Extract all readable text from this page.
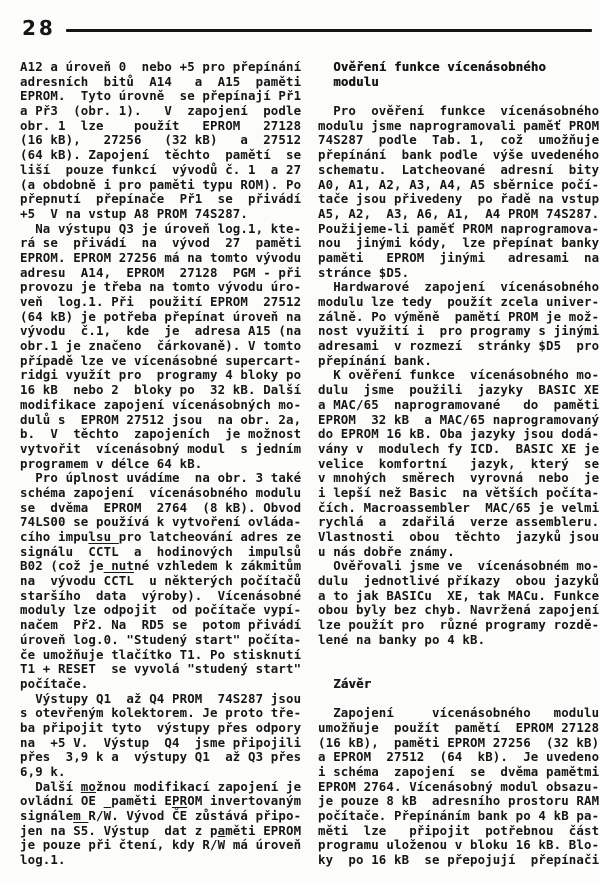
28
A12 a úroveň 0  nebo +5 pro přepínání
adresních  bitů  A14   a  A15  paměti
EPROM.  Tyto úrovně  se přepínají Př1
a Př3  (obr. 1).   V  zapojení  podle
obr. 1  lze    použít   EPROM   27128
(16 kB),   27256   (32 kB)   a  27512
(64 kB). Zapojení  těchto  pamětí  se
liší  pouze funkcí  vývodů č. 1  a 27
(a obdobně i pro paměti typu ROM). Po
přepnutí  přepínače  Př1  se  přivádí
+5  V na vstup A8 PROM 74S287.
Na výstupu Q3 je úroveň log.1, kte-
rá se  přivádí  na  vývod  27  paměti
EPROM. EPROM 27256 má na tomto vývodu
adresu  A14,  EPROM  27128  PGM - při
provozu je třeba na tomto vývodu úro-
veň  log.1. Při  použití EPROM  27512
(64 kB) je potřeba přepínat úroveň na
vývodu  č.1,  kde  je  adresa A15 (na
obr.1 je značeno  čárkovaně). V tomto
případě lze ve vícenásobné supercart-
ridgi využít pro  programy 4 bloky po
16 kB  nebo 2  bloky po  32 kB. Další
modifikace zapojení vícenásobných mo-
dulů s  EPROM 27512 jsou  na obr. 2a,
b.  V  těchto  zapojeních  je možnost
vytvořit  vícenásobný modul  s jedním
programem v délce 64 kB.
Pro úplnost uvádíme  na obr. 3 také
schéma zapojení  vícenásobného modulu
se  dvěma  EPROM  2764  (8 kB). Obvod
74LS00 se používá k vytvoření ovláda-
cího impulsu pro latcheování adres ze
signálu  CCTL  a  hodinových  impulsů
B02 (což je nutné vzhledem k zákmitům
na  vývodu CCTL  u některých počítačů
staršího  data  výroby).  Vícenásobné
moduly lze odpojit  od počítače vypí-
načem  Př2. Na  RD5 se  potom přivádí
úroveň log.0. "Studený start" počíta-
če umožňuje tlačítko T1. Po stisknutí
T1 + RESET  se vyvolá "studený start"
počítače.
Výstupy Q1  až Q4 PROM  74S287 jsou
s otevřeným kolektorem. Je proto tře-
ba připojit tyto  výstupy přes odpory
na  +5 V.  Výstup  Q4  jsme připojili
přes  3,9 k a  výstupy Q1  až Q3 přes
6,9 k.
Další možnou modifikací zapojení je
ovládní $\overline{OE}$  paměti EPROM invertovaným
signálem $R/\overline{W}$. Vývod $\overline{ČE}$ zůstává připo-
jen na S5. Výstup  dat z paměti EPROM
je pouze při čtení, kdy $R/\overline{W}$ má úroveň
log.1.
Ověření funkce vícenásobného
modulu

Pro  ověření  funkce  vícenásobného
modulu jsme naprogramovali paměť PROM
74S287  podle  Tab. 1,  což  umožňuje
přepínání  bank podle  výše uvedeného
schematu.  Latcheované  adresní  bity
A0, A1, A2, A3, A4, A5 sběrnice počí-
tače jsou přivedeny  po řadě na vstup
A5, A2,  A3, A6, A1,  A4 PROM 74S287.
Použijeme-li paměť PROM naprogramova-
nou  jinými kódy,  lze přepínat banky
paměti   EPROM  jinými   adresami  na
stránce $D5.
Hardwarové  zapojení  vícenásobného
modulu lze tedy  použít zcela univer-
zálně. Po výměně  pamětí PROM je mož-
nost využití i  pro programy s jinými
adresami  v rozmezí  stránky $D5  pro
přepínání bank.
K ověření funkce  vícenásobného mo-
dulu  jsme  použili  jazyky  BASIC XE
a MAC/65  naprogramované   do  paměti
EPROM  32 kB  a MAC/65 naprogramovaný
do EPROM 16 kB. Oba jazyky jsou dodá-
vány v  modulech fy ICD.  BASIC XE je
velice  komfortní   jazyk,  který  se
v mnohých  směrech  vyrovná  nebo  je
i lepší než Basic  na větších počíta-
čích. Macroassembler  MAC/65 je velmi
rychlá  a  zdařilá  verze assembleru.
Vlastnosti  obou  těchto  jazyků jsou
u nás dobře známy.
Ověřovali jsme ve  vícenásobném mo-
dulu  jednotlivé příkazy  obou jazyků
a to jak BASICu  XE, tak MACu. Funkce
obou byly bez chyb. Navržená zapojení
lze použít pro  různé programy rozdě-
lené na banky po 4 kB.

Závěr

Zapojení     vícenásobného   modulu
umožňuje  použít  pamětí  EPROM 27128
(16 kB),  paměti EPROM 27256  (32 kB)
a EPROM  27512  (64  kB).  Je uvedeno
i schéma  zapojení  se  dvěma pamětmi
EPROM 2764. Vícenásobný modul obsazu-
je pouze 8 kB  adresního prostoru RAM
počítače. Přepínáním bank po 4 kB pa-
měti  lze   připojit  potřebnou  část
programu uloženou v bloku 16 kB. Blo-
ky  po 16 kB  se přepojují  přepínači
